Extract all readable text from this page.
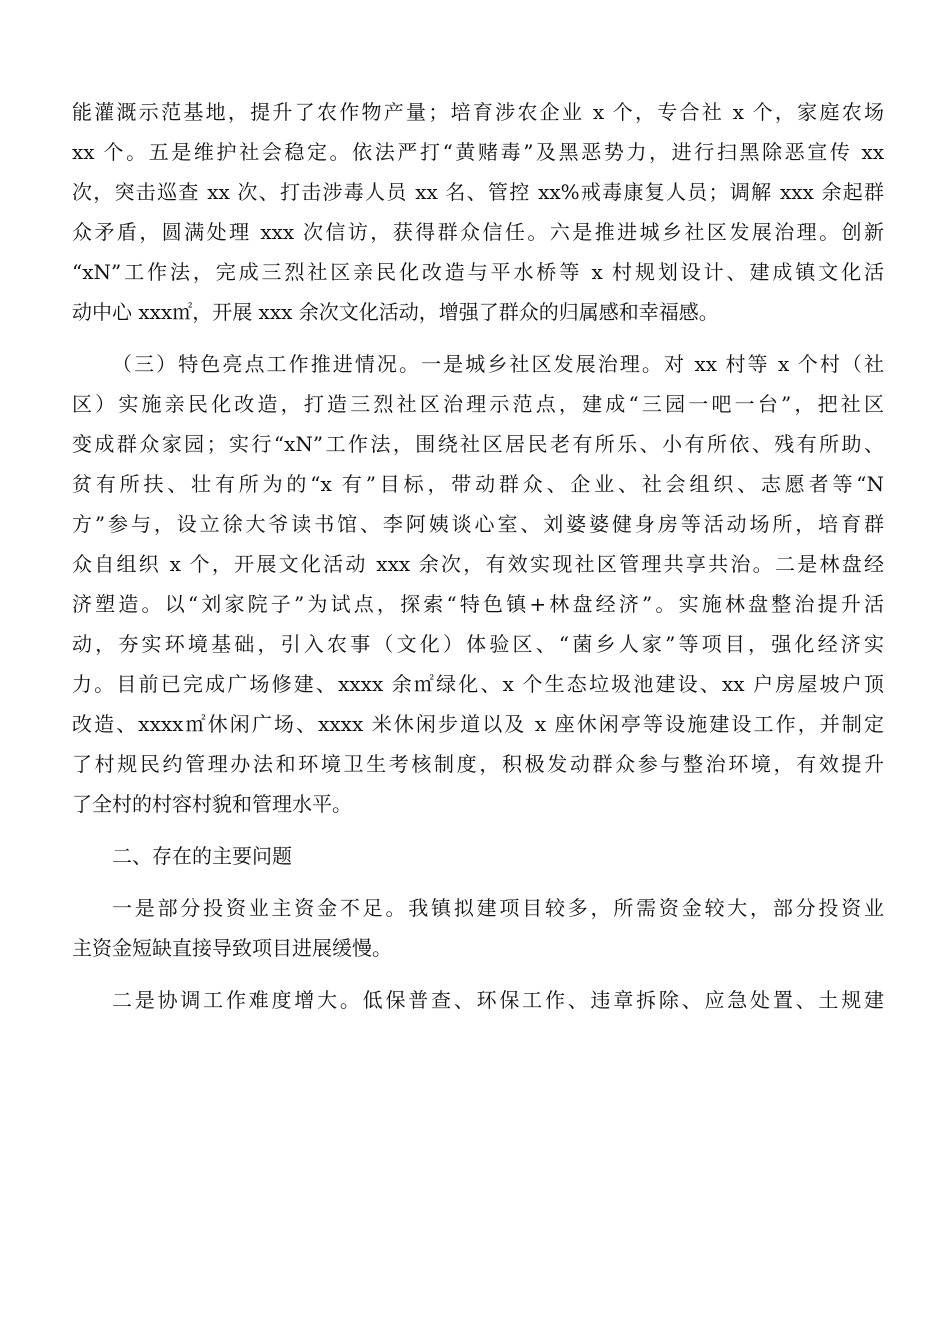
能灌溉示范基地，提升了农作物产量；培育涉农企业 x 个，专合社 x 个，家庭农场
xx 个。五是维护社会稳定。依法严打“黄赌毒”及黑恶势力，进行扫黑除恶宣传 xx
次，突击巡查 xx 次、打击涉毒人员 xx 名、管控 xx%戒毒康复人员；调解 xxx 余起群
众矛盾，圆满处理 xxx 次信访，获得群众信任。六是推进城乡社区发展治理。创新
“xN”工作法，完成三烈社区亲民化改造与平水桥等 x 村规划设计、建成镇文化活
动中心 xxx㎡，开展 xxx 余次文化活动，增强了群众的归属感和幸福感。
（三）特色亮点工作推进情况。一是城乡社区发展治理。对 xx 村等 x 个村（社
区）实施亲民化改造，打造三烈社区治理示范点，建成“三园一吧一台”，把社区
变成群众家园；实行“xN”工作法，围绕社区居民老有所乐、小有所依、残有所助、
贫有所扶、壮有所为的“x 有”目标，带动群众、企业、社会组织、志愿者等“N
方”参与，设立徐大爷读书馆、李阿姨谈心室、刘婆婆健身房等活动场所，培育群
众自组织 x 个，开展文化活动 xxx 余次，有效实现社区管理共享共治。二是林盘经
济塑造。以“刘家院子”为试点，探索“特色镇+林盘经济”。实施林盘整治提升活
动，夯实环境基础，引入农事（文化）体验区、“菌乡人家”等项目，强化经济实
力。目前已完成广场修建、xxxx 余㎡绿化、x 个生态垃圾池建设、xx 户房屋坡户顶
改造、xxxx㎡休闲广场、xxxx 米休闲步道以及 x 座休闲亭等设施建设工作，并制定
了村规民约管理办法和环境卫生考核制度，积极发动群众参与整治环境，有效提升
了全村的村容村貌和管理水平。
二、存在的主要问题
一是部分投资业主资金不足。我镇拟建项目较多，所需资金较大，部分投资业
主资金短缺直接导致项目进展缓慢。
二是协调工作难度增大。低保普查、环保工作、违章拆除、应急处置、土规建
